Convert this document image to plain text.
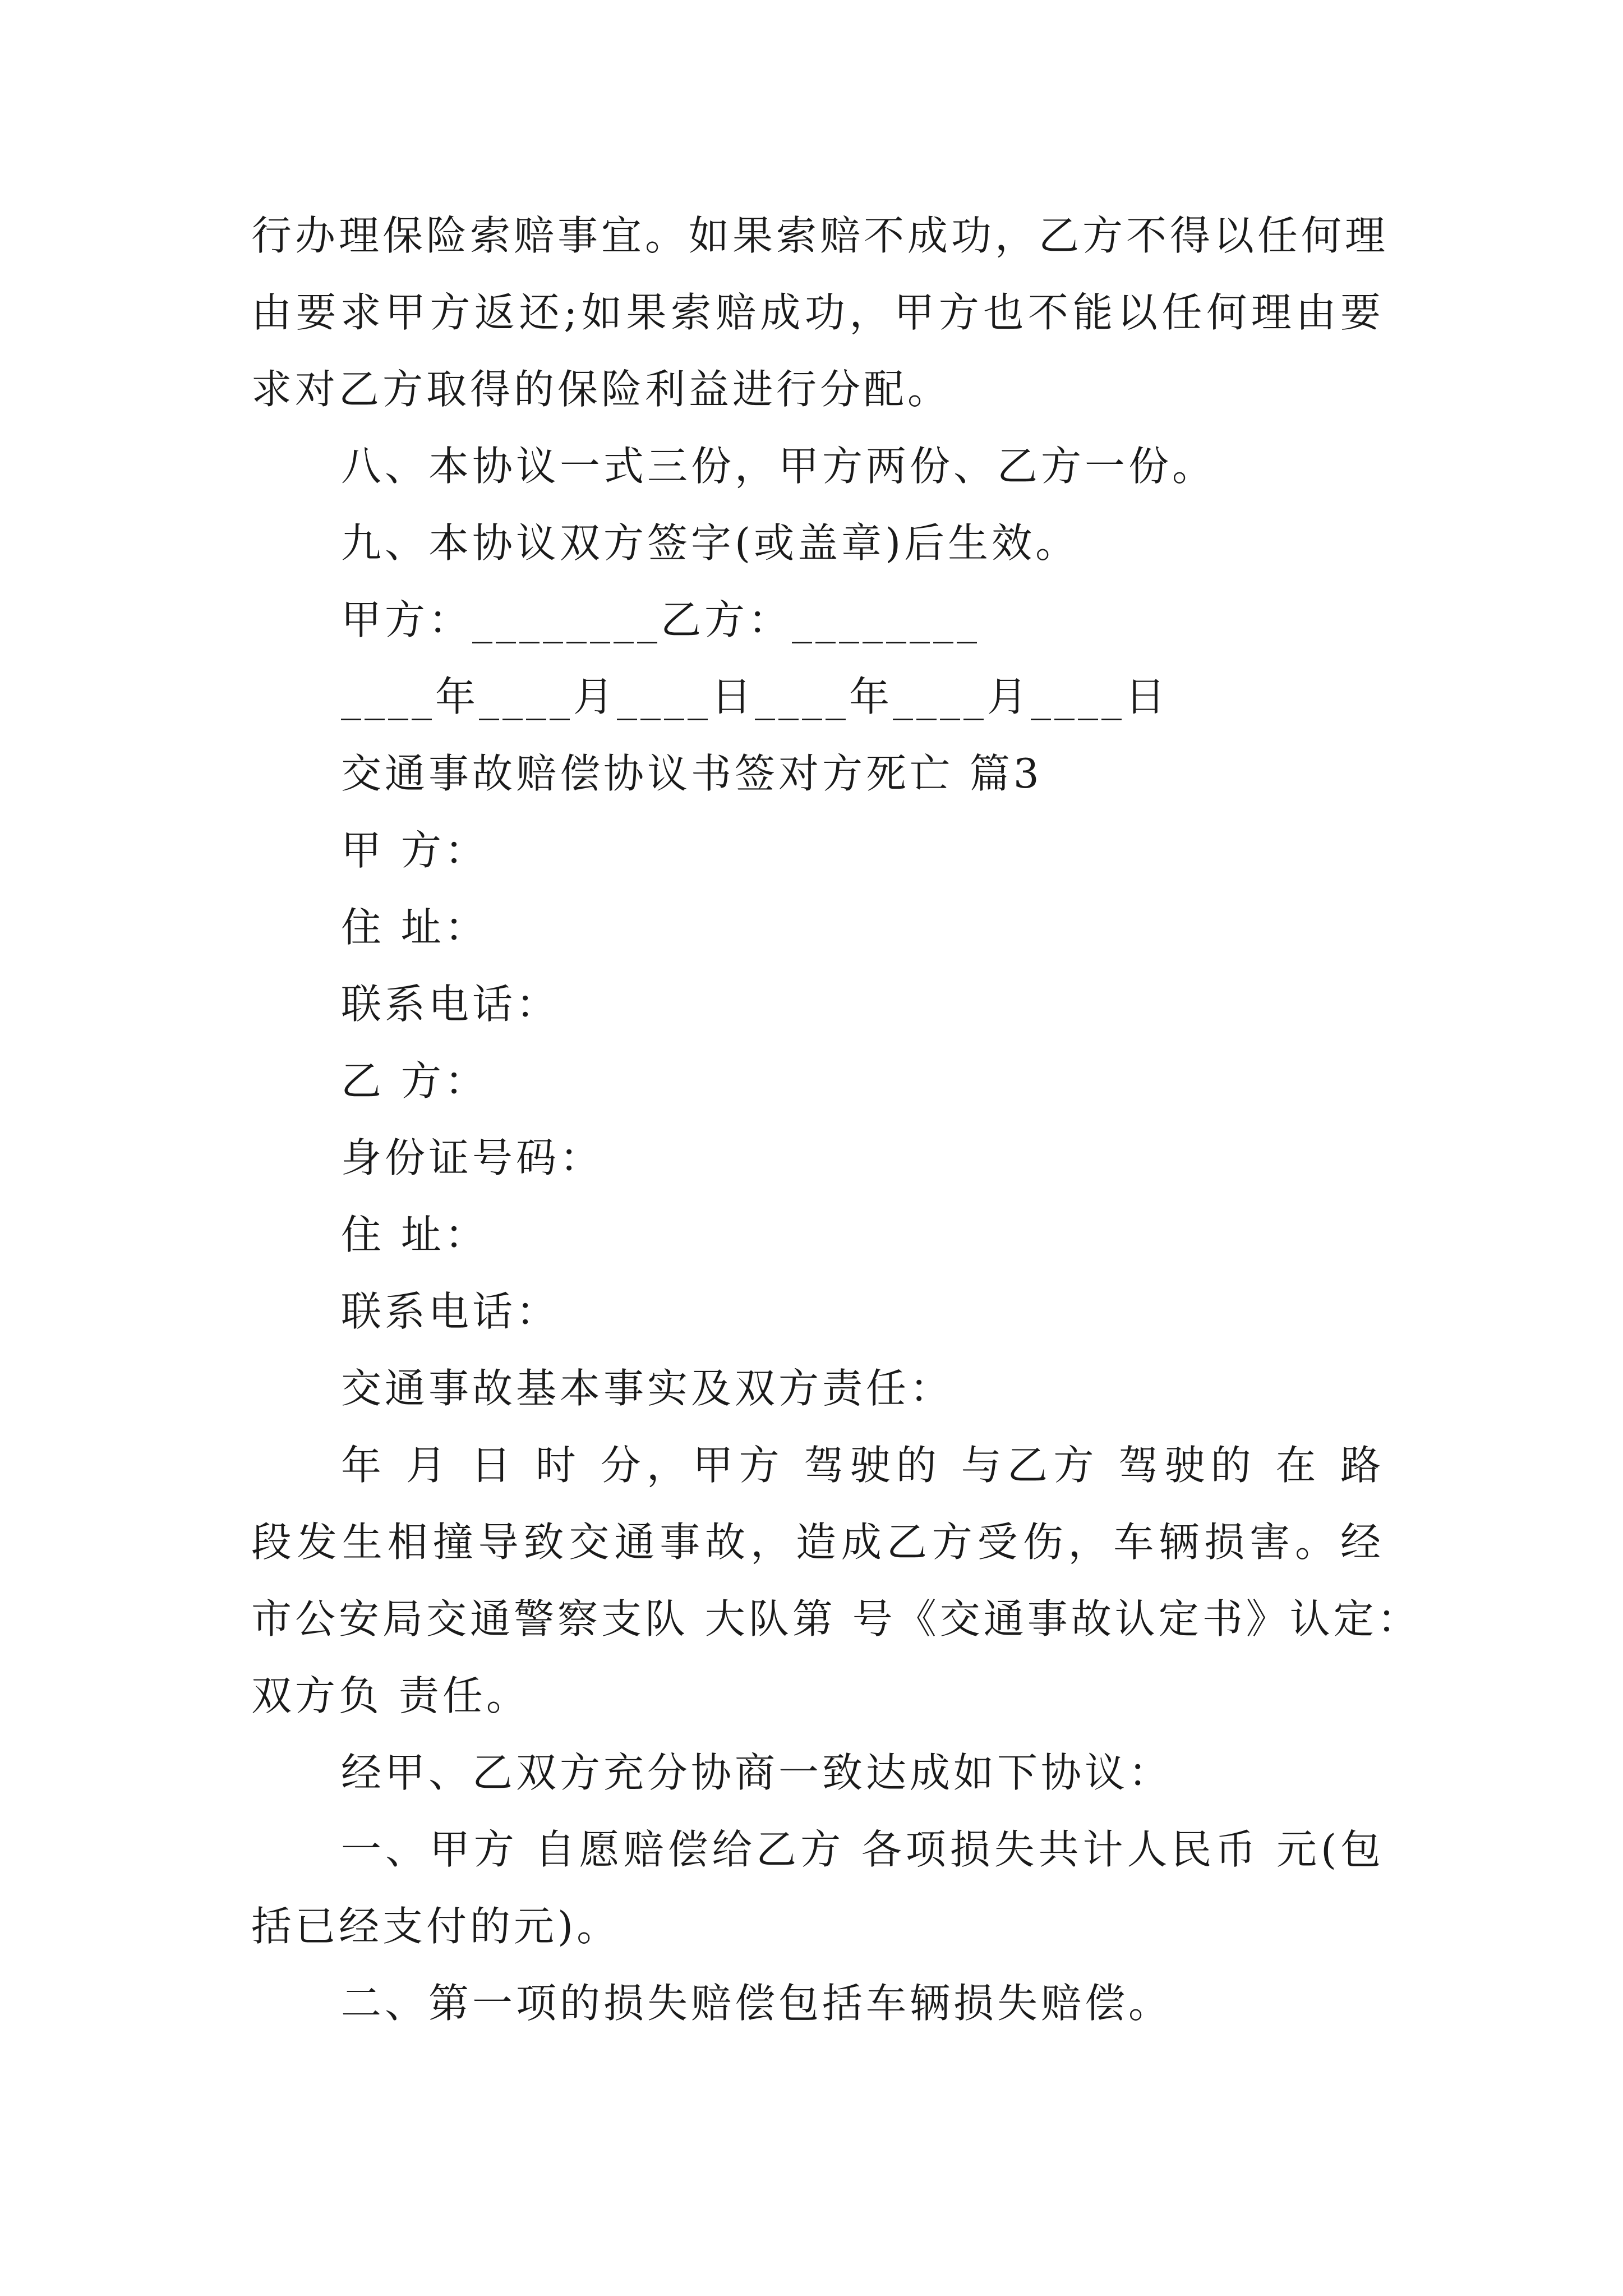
行办理保险索赔事宜。如果索赔不成功，乙方不得以任何理
由要求甲方返还;如果索赔成功，甲方也不能以任何理由要
求对乙方取得的保险利益进行分配。
八、本协议一式三份，甲方两份、乙方一份。
九、本协议双方签字(或盖章)后生效。
甲方：________乙方：________
____年____月____日____年____月____日
交通事故赔偿协议书签对方死亡 篇3
甲 方：
住 址：
联系电话：
乙 方：
身份证号码：
住 址：
联系电话：
交通事故基本事实及双方责任：
年 月 日 时 分，甲方 驾驶的 与乙方 驾驶的 在 路
段发生相撞导致交通事故，造成乙方受伤，车辆损害。经
市公安局交通警察支队 大队第 号《交通事故认定书》认定：
双方负 责任。
经甲、乙双方充分协商一致达成如下协议：
一、甲方 自愿赔偿给乙方 各项损失共计人民币 元(包
括已经支付的元)。
二、第一项的损失赔偿包括车辆损失赔偿。
